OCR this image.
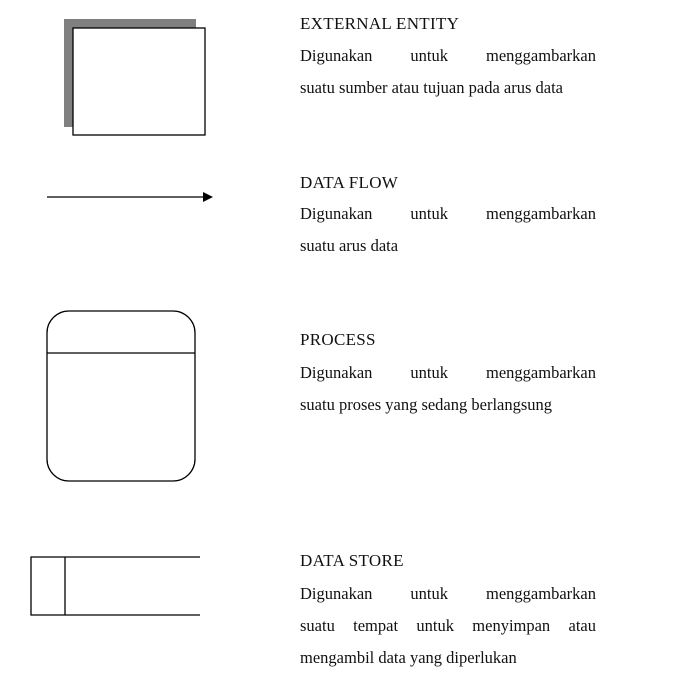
EXTERNAL ENTITY
Digunakan untuk menggambarkan
suatu sumber atau tujuan pada arus data
DATA FLOW
Digunakan untuk menggambarkan
suatu arus data
PROCESS
Digunakan untuk menggambarkan
suatu proses yang sedang berlangsung
DATA STORE
Digunakan untuk menggambarkan
suatu tempat untuk menyimpan atau
mengambil data yang diperlukan
